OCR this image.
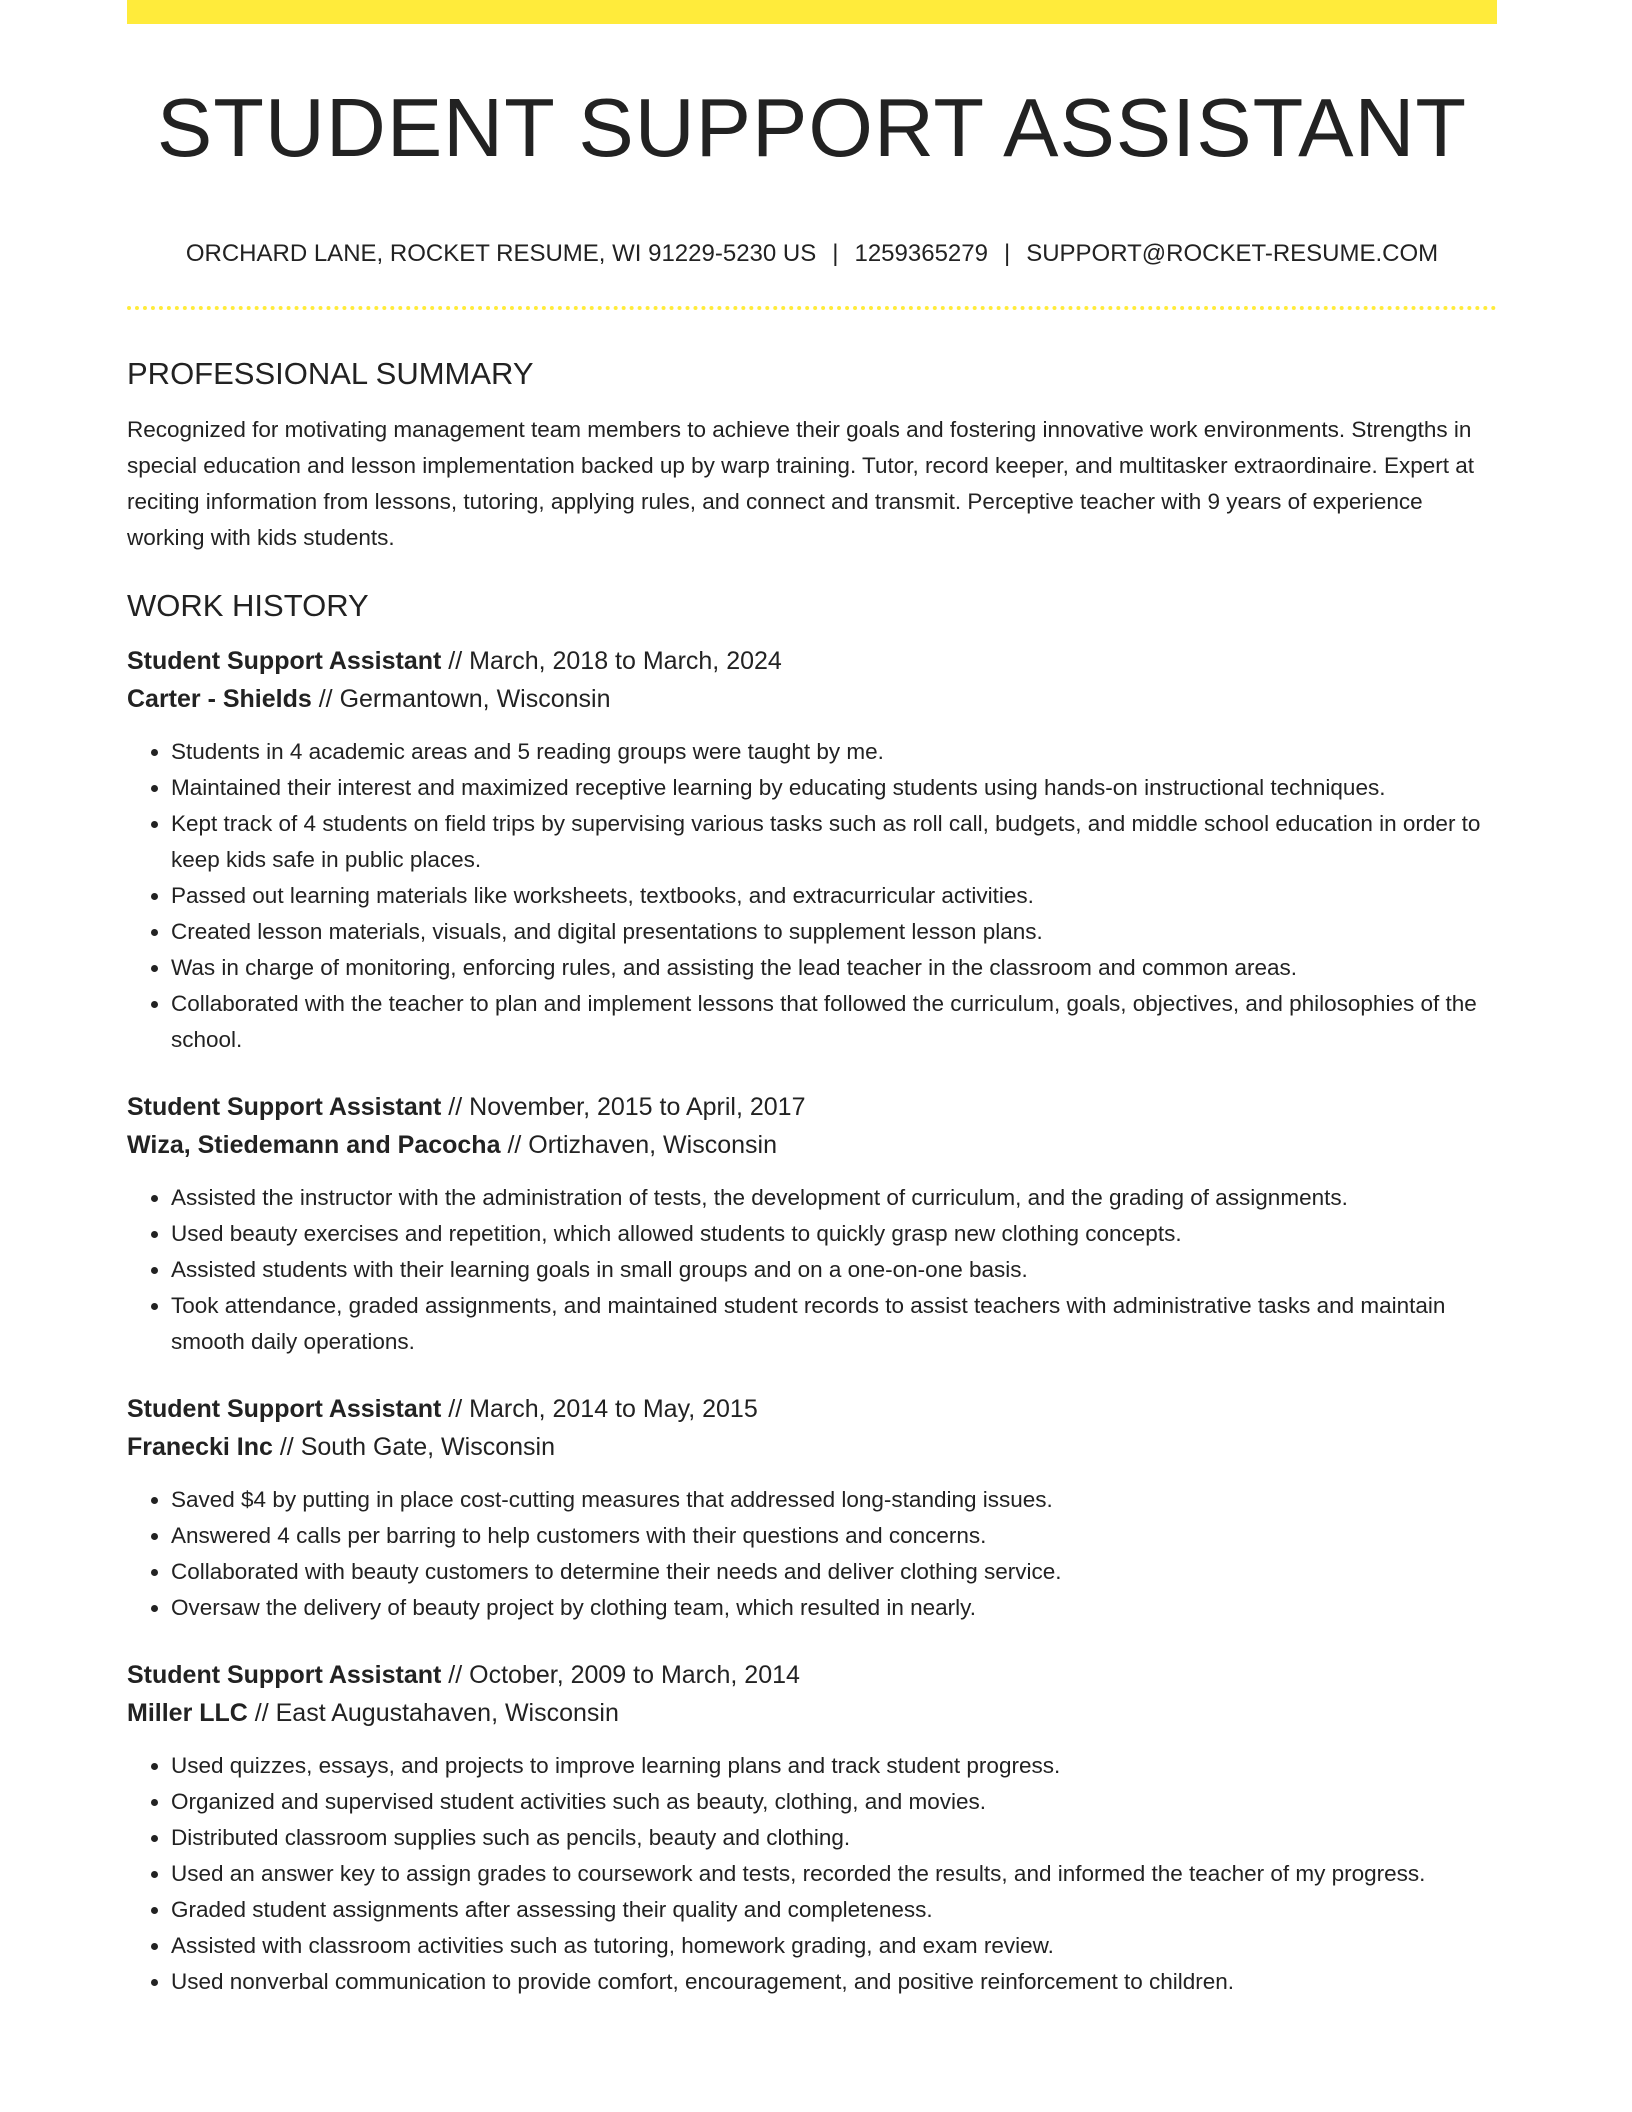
STUDENT SUPPORT ASSISTANT
ORCHARD LANE, ROCKET RESUME, WI 91229-5230 US | 1259365279 | SUPPORT@ROCKET-RESUME.COM
PROFESSIONAL SUMMARY

Recognized for motivating management team members to achieve their goals and fostering innovative work environments. Strengths in special education and lesson implementation backed up by warp training. Tutor, record keeper, and multitasker extraordinaire. Expert at reciting information from lessons, tutoring, applying rules, and connect and transmit. Perceptive teacher with 9 years of experience working with kids students.

WORK HISTORY
Student Support Assistant // March, 2018 to March, 2024
Carter - Shields // Germantown, Wisconsin
• Students in 4 academic areas and 5 reading groups were taught by me.
• Maintained their interest and maximized receptive learning by educating students using hands-on instructional techniques.
• Kept track of 4 students on field trips by supervising various tasks such as roll call, budgets, and middle school education in order to keep kids safe in public places.
• Passed out learning materials like worksheets, textbooks, and extracurricular activities.
• Created lesson materials, visuals, and digital presentations to supplement lesson plans.
• Was in charge of monitoring, enforcing rules, and assisting the lead teacher in the classroom and common areas.
• Collaborated with the teacher to plan and implement lessons that followed the curriculum, goals, objectives, and philosophies of the school.
Student Support Assistant // November, 2015 to April, 2017
Wiza, Stiedemann and Pacocha // Ortizhaven, Wisconsin
• Assisted the instructor with the administration of tests, the development of curriculum, and the grading of assignments.
• Used beauty exercises and repetition, which allowed students to quickly grasp new clothing concepts.
• Assisted students with their learning goals in small groups and on a one-on-one basis.
• Took attendance, graded assignments, and maintained student records to assist teachers with administrative tasks and maintain smooth daily operations.
Student Support Assistant // March, 2014 to May, 2015
Franecki Inc // South Gate, Wisconsin
• Saved $4 by putting in place cost-cutting measures that addressed long-standing issues.
• Answered 4 calls per barring to help customers with their questions and concerns.
• Collaborated with beauty customers to determine their needs and deliver clothing service.
• Oversaw the delivery of beauty project by clothing team, which resulted in nearly.
Student Support Assistant // October, 2009 to March, 2014
Miller LLC // East Augustahaven, Wisconsin
• Used quizzes, essays, and projects to improve learning plans and track student progress.
• Organized and supervised student activities such as beauty, clothing, and movies.
• Distributed classroom supplies such as pencils, beauty and clothing.
• Used an answer key to assign grades to coursework and tests, recorded the results, and informed the teacher of my progress.
• Graded student assignments after assessing their quality and completeness.
• Assisted with classroom activities such as tutoring, homework grading, and exam review.
• Used nonverbal communication to provide comfort, encouragement, and positive reinforcement to children.
